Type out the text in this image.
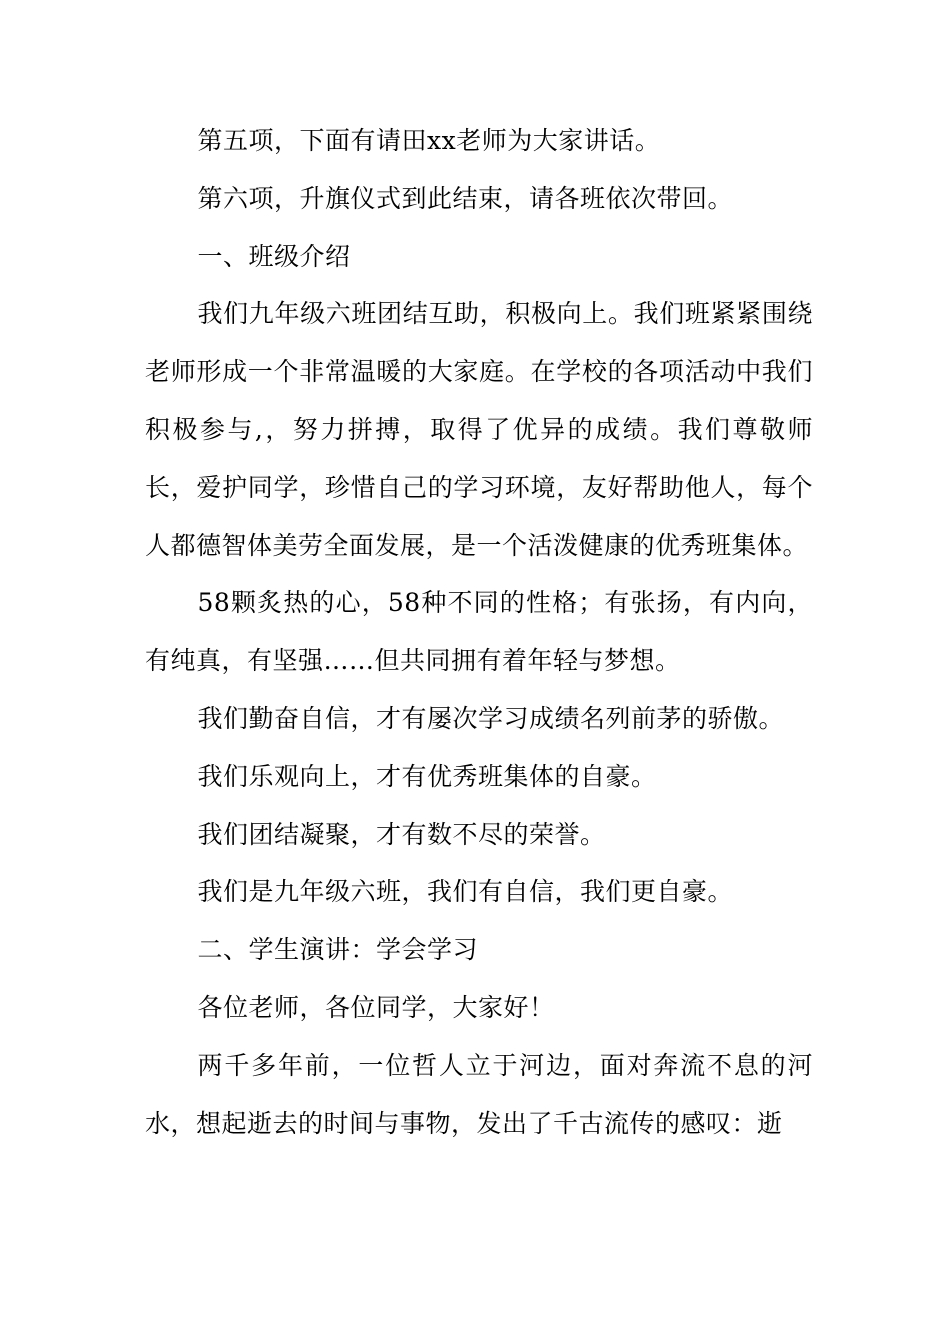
第五项，下面有请田xx老师为大家讲话。

第六项，升旗仪式到此结束，请各班依次带回。

一、班级介绍

我们九年级六班团结互助，积极向上。我们班紧紧围绕老师形成一个非常温暖的大家庭。在学校的各项活动中我们积极参与,，努力拼搏，取得了优异的成绩。我们尊敬师长，爱护同学，珍惜自己的学习环境，友好帮助他人，每个人都德智体美劳全面发展，是一个活泼健康的优秀班集体。

58颗炙热的心，58种不同的性格；有张扬，有内向，有纯真，有坚强……但共同拥有着年轻与梦想。

我们勤奋自信，才有屡次学习成绩名列前茅的骄傲。

我们乐观向上，才有优秀班集体的自豪。

我们团结凝聚，才有数不尽的荣誉。

我们是九年级六班，我们有自信，我们更自豪。

二、学生演讲：学会学习

各位老师，各位同学，大家好！

两千多年前，一位哲人立于河边，面对奔流不息的河水，想起逝去的时间与事物，发出了千古流传的感叹：逝
